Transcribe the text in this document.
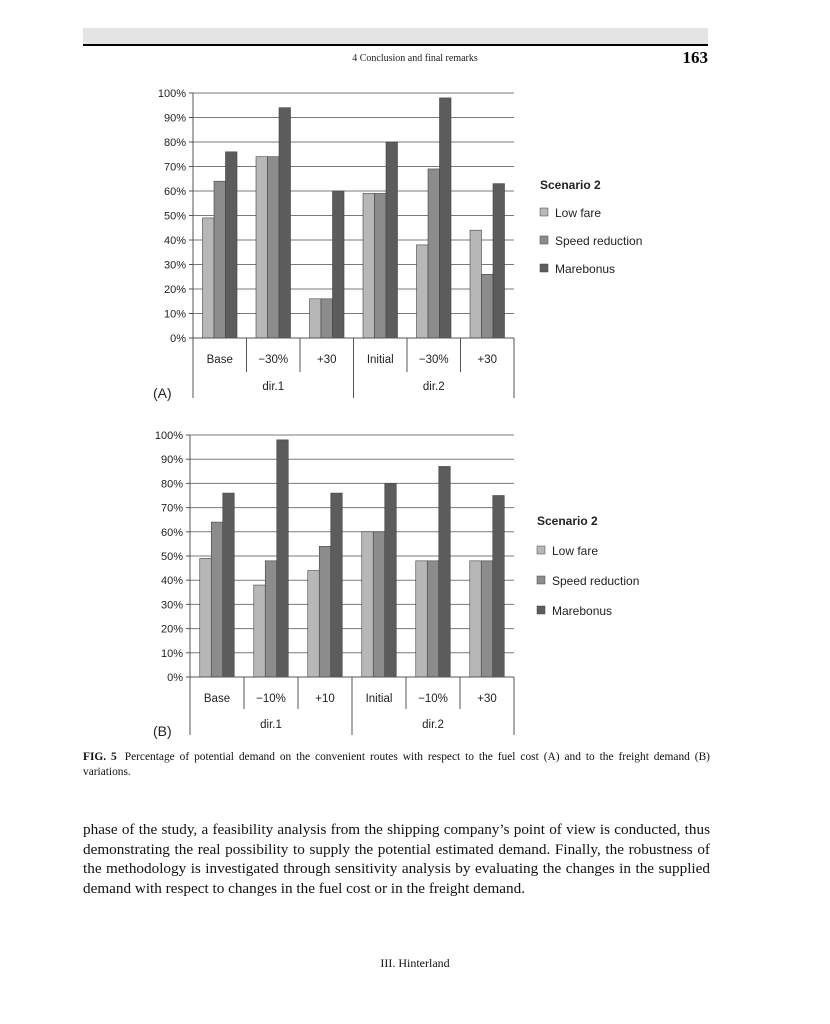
4 Conclusion and final remarks	163
0%
10%
20%
30%
40%
50%
60%
70%
80%
90%
100%
Base −30%	+30	Initial −30%	+30
dir.1	dir.2
(A)
Scenario 2
Low fare
Speed reduction
Marebonus
0%
10%
20%
30%
40%
50%
60%
70%
80%
90%
100%
Base −10%	+10	Initial −10%	+30
dir.1	dir.2
(B)
Scenario 2
Low fare
Speed reduction
Marebonus
FIG. 5 Percentage of potential demand on the convenient routes with respect to the fuel cost (A) and to the freight demand (B) variations.
phase of the study, a feasibility analysis from the shipping company’s point of view is conducted, thus demonstrating the real possibility to supply the potential estimated demand. Finally, the robustness of the methodology is investigated through sensitivity analysis by evaluating the changes in the supplied demand with respect to changes in the fuel cost or in the freight demand.
III. Hinterland
